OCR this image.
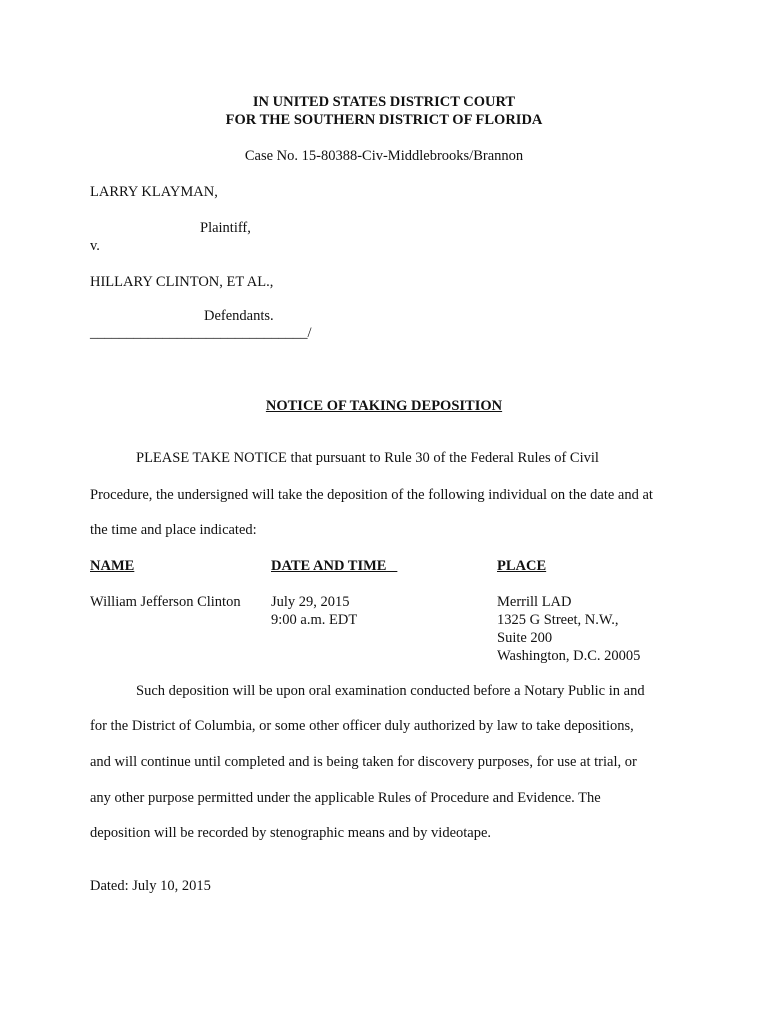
IN UNITED STATES DISTRICT COURT
FOR THE SOUTHERN DISTRICT OF FLORIDA
Case No. 15-80388-Civ-Middlebrooks/Brannon
LARRY KLAYMAN,
Plaintiff,
v.
HILLARY CLINTON, ET AL.,
Defendants.
______________________________/
NOTICE OF TAKING DEPOSITION
PLEASE TAKE NOTICE that pursuant to Rule 30 of the Federal Rules of Civil
Procedure, the undersigned will take the deposition of the following individual on the date and at
the time and place indicated:
NAME	DATE AND TIME	PLACE
William Jefferson Clinton July 29, 2015
9:00 a.m. EDT
Merrill LAD
1325 G Street, N.W.,
Suite 200
Washington, D.C. 20005
Such deposition will be upon oral examination conducted before a Notary Public in and
for the District of Columbia, or some other officer duly authorized by law to take depositions,
and will continue until completed and is being taken for discovery purposes, for use at trial, or
any other purpose permitted under the applicable Rules of Procedure and Evidence. The
deposition will be recorded by stenographic means and by videotape.
Dated: July 10, 2015
